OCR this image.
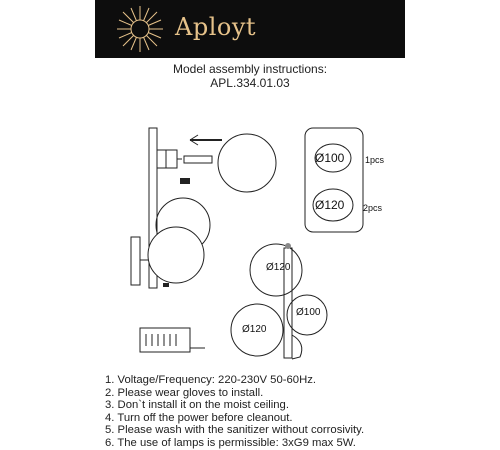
Aployt
Model assembly instructions:
APL.334.01.03
Ø100 1pcs
Ø120 2pcs
Ø120
Ø100
Ø120
1. Voltage/Frequency: 220-230V 50-60Hz.
2. Please wear gloves to install.
3. Don`t install it on the moist ceiling.
4. Turn off the power before cleanout.
5. Please wash with the sanitizer without corrosivity.
6. The use of lamps is permissible: 3xG9 max 5W.
